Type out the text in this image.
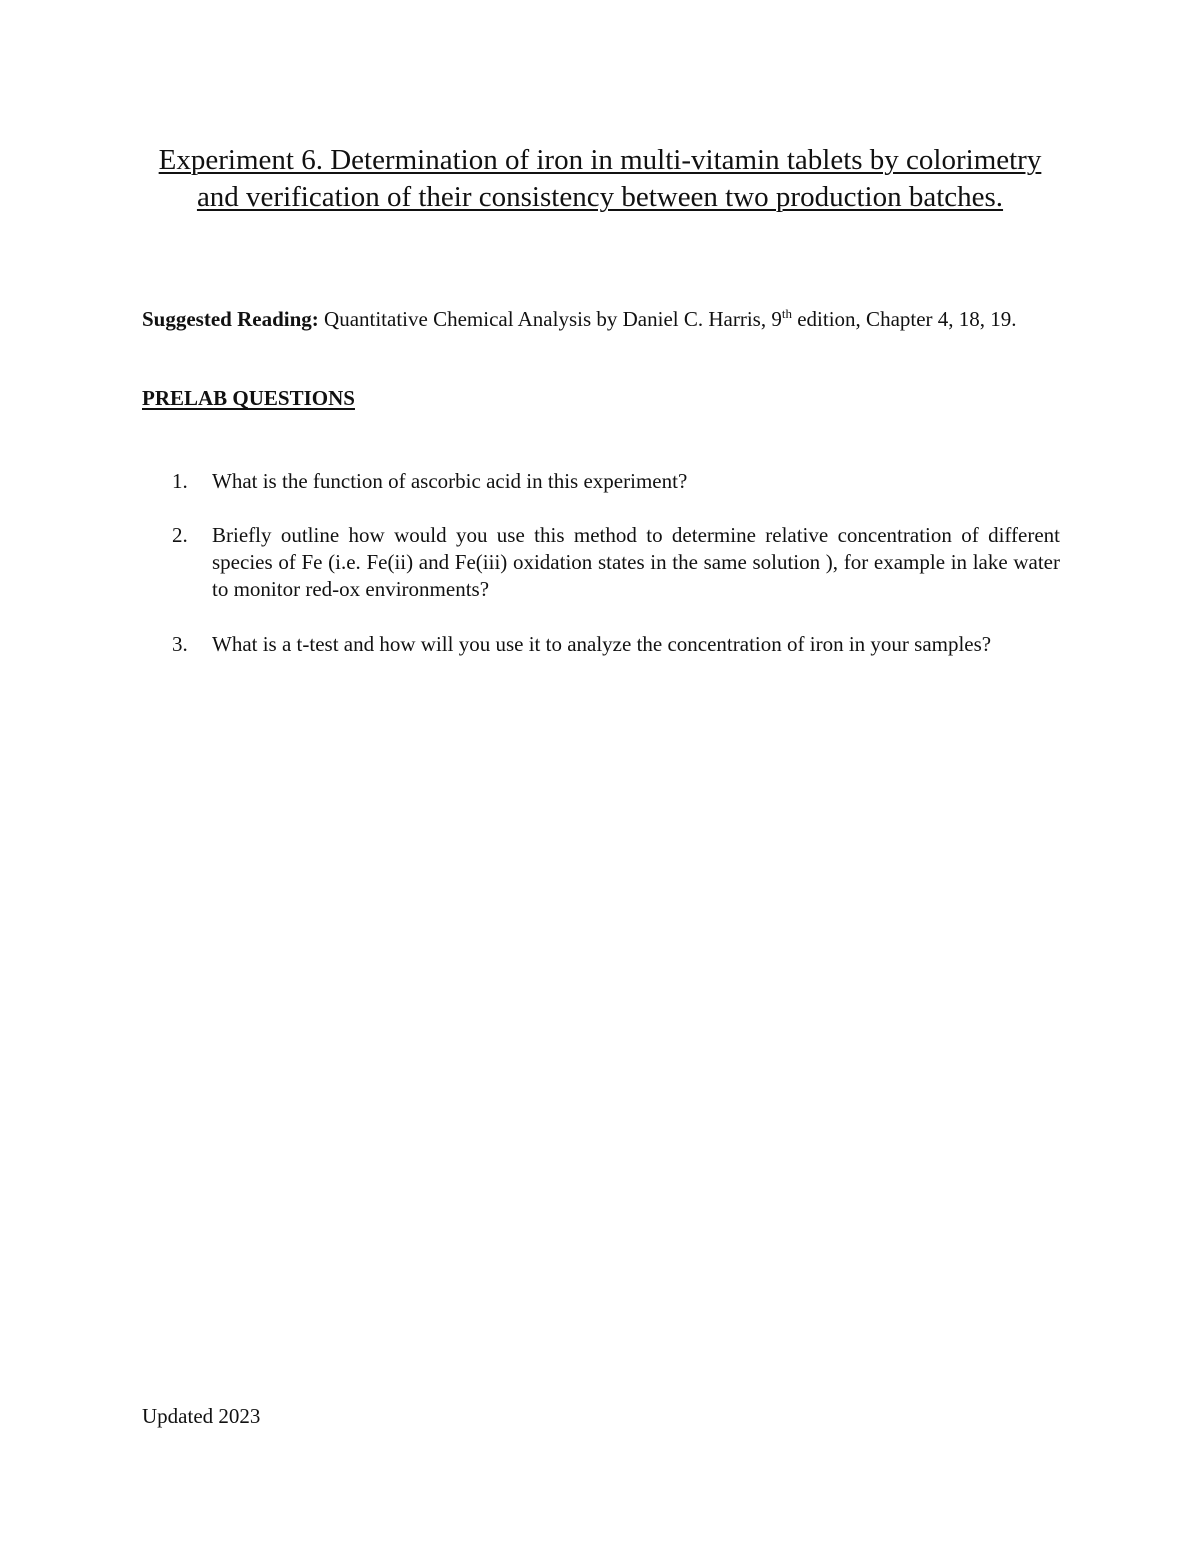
Experiment 6. Determination of iron in multi-vitamin tablets by colorimetry and verification of their consistency between two production batches.
Suggested Reading: Quantitative Chemical Analysis by Daniel C. Harris, 9th edition, Chapter 4, 18, 19.
PRELAB QUESTIONS
1.	What is the function of ascorbic acid in this experiment?
2.	Briefly outline how would you use this method to determine relative concentration of different species of Fe (i.e. Fe(ii) and Fe(iii) oxidation states in the same solution ), for example in lake water to monitor red-ox environments?
3.	What is a t-test and how will you use it to analyze the concentration of iron in your samples?
Updated 2023
